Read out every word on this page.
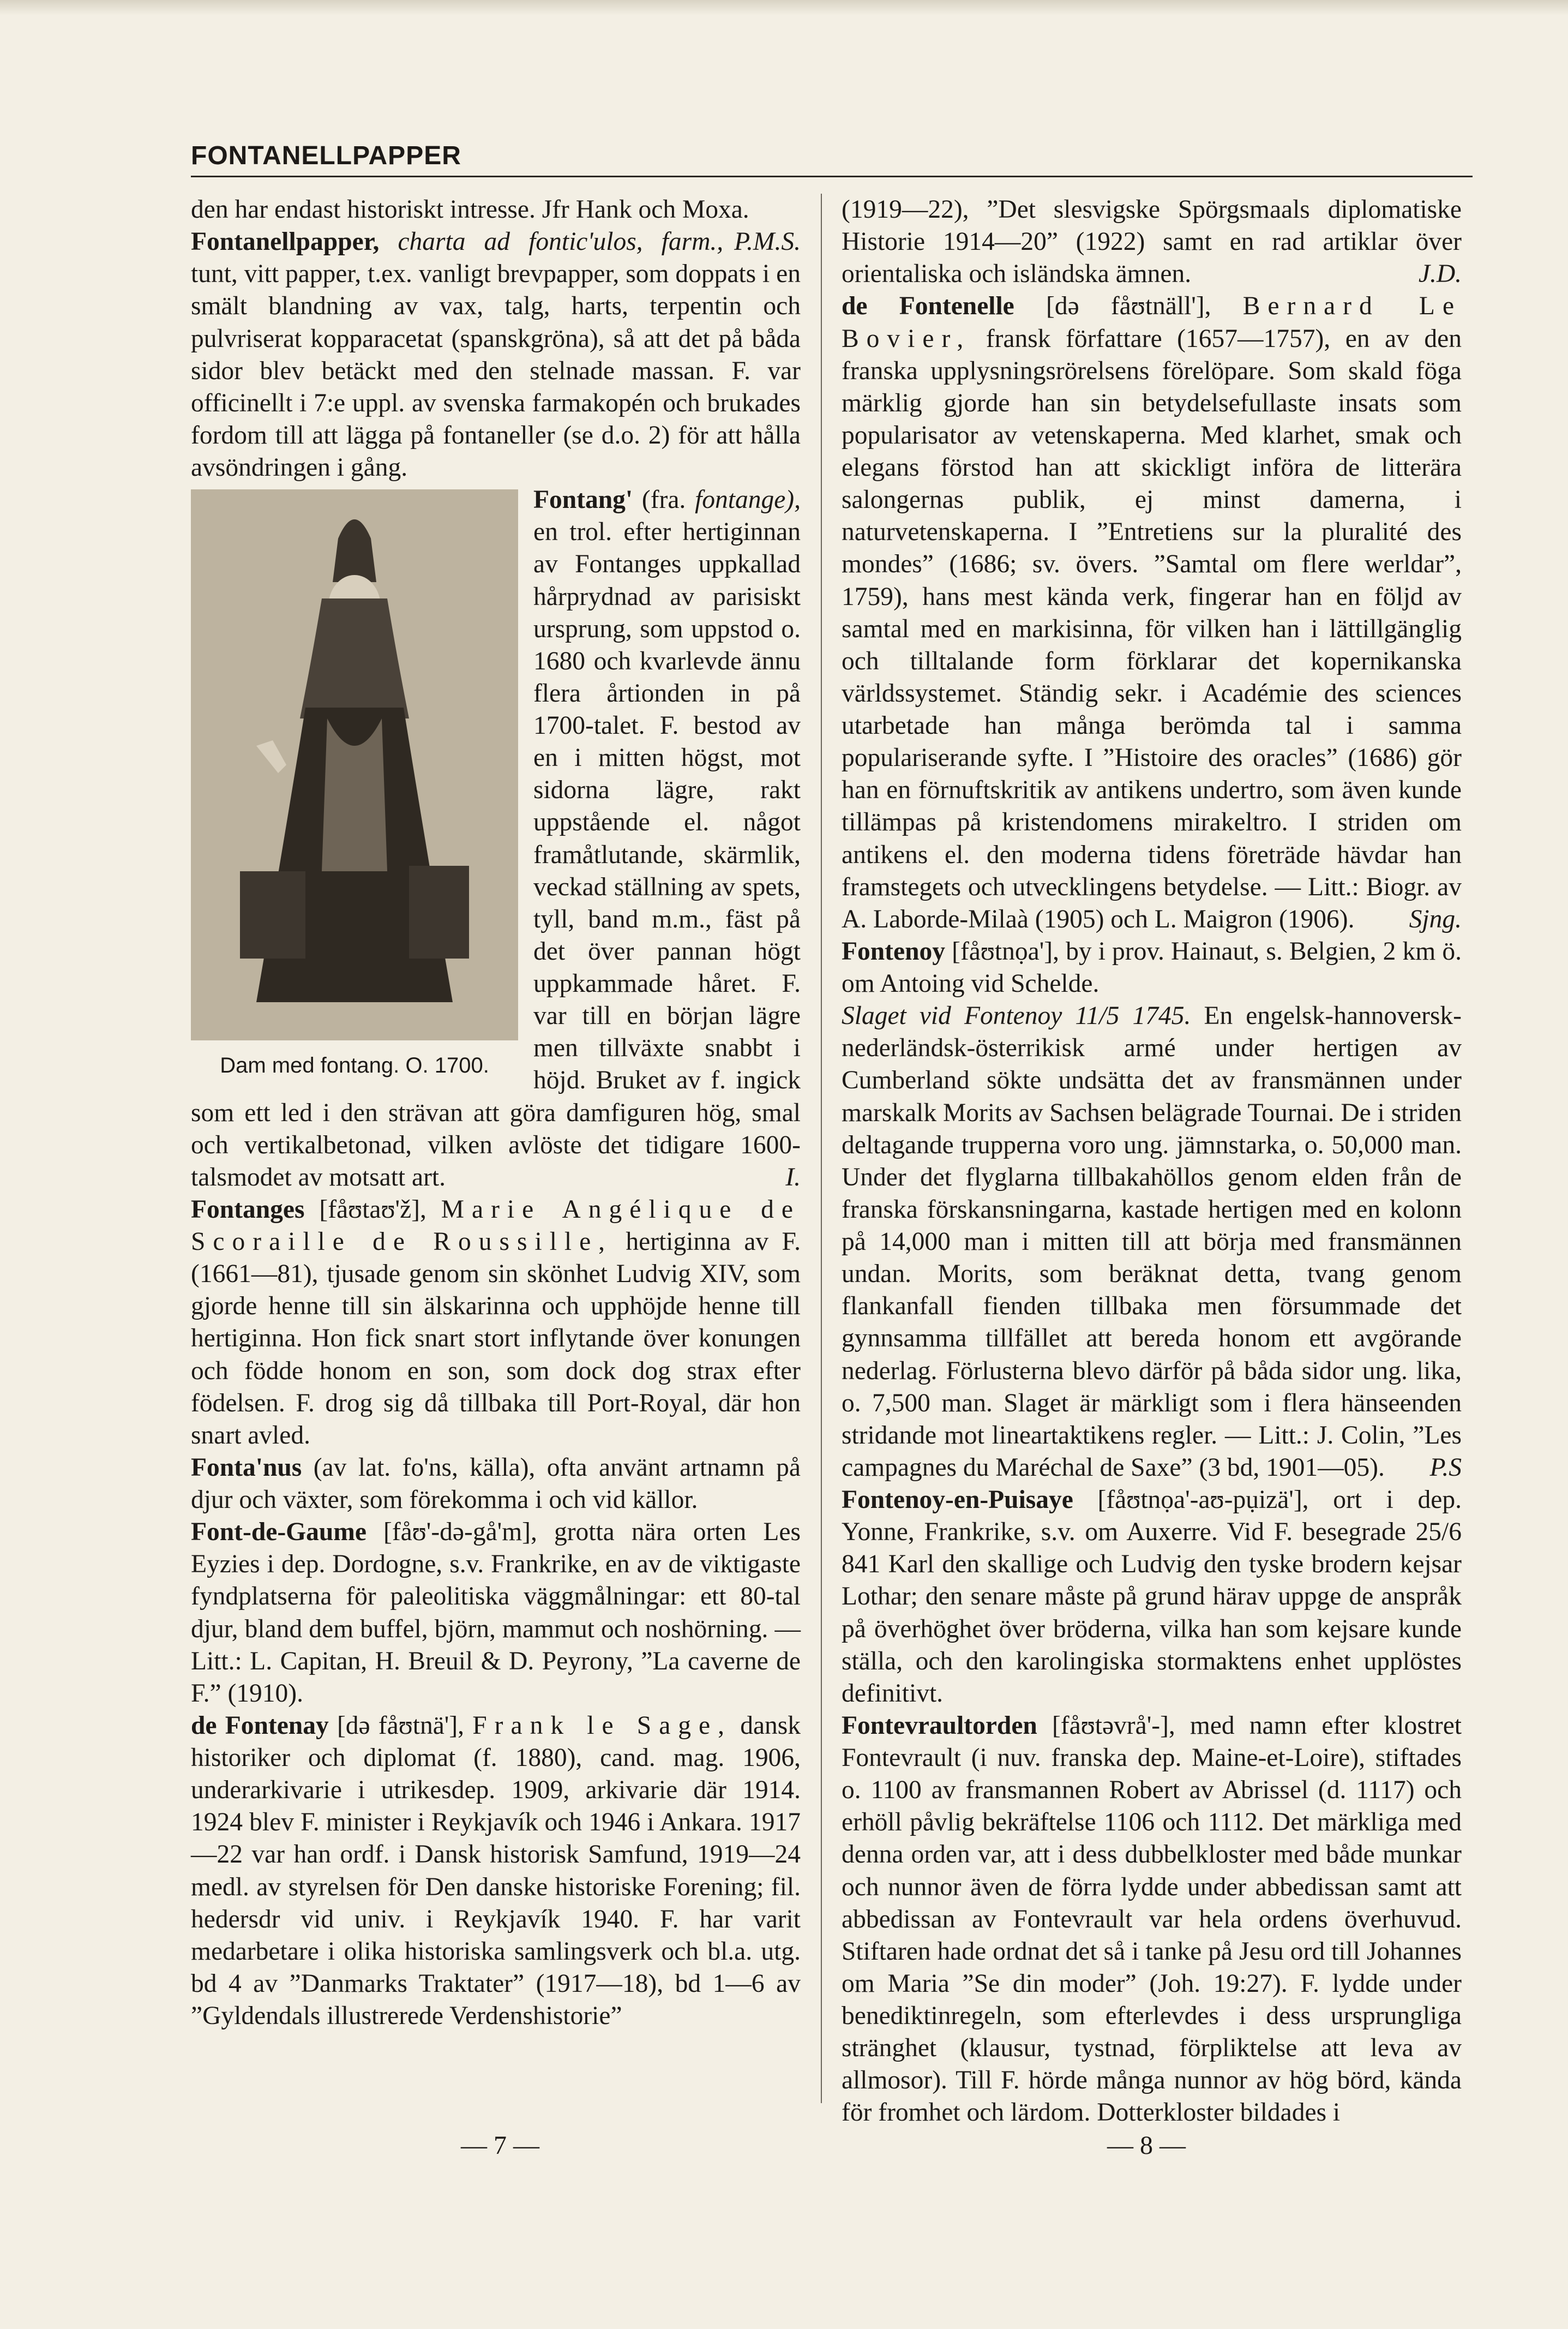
FONTANELLPAPPER

den har endast historiskt intresse. Jfr Hank och Moxa.
P.M.S.

Fontanellpapper, charta ad fontic'ulos, farm., tunt, vitt papper, t.ex. vanligt brevpapper, som doppats i en smält blandning av vax, talg, harts, terpentin och pulvriserat kopparacetat (spanskgröna), så att det på båda sidor blev betäckt med den stelnade massan. F. var officinellt i 7:e uppl. av svenska farmakopén och brukades fordom till att lägga på fontaneller (se d.o. 2) för att hålla avsöndringen i gång.

Fontang' (fra. fontange),
Dam med fontang. O. 1700.
en trol. efter hertiginnan av Fontanges uppkallad hårprydnad av parisiskt ursprung, som uppstod o. 1680 och kvarlevde ännu flera årtionden in på 1700-talet. F. bestod av en i mitten högst, mot sidorna lägre, rakt uppstående el. något framåtlutande, skärmlik, veckad ställning av spets, tyll, band m.m., fäst på det över pannan högt uppkammade håret. F. var till en början lägre men tillväxte snabbt i höjd. Bruket av f. ingick som ett led i den strävan att göra damfiguren hög, smal och vertikalbetonad, vilken avlöste det tidigare 1600-talsmodet av motsatt art.	I.

Fontanges [fåʊtaʊ'ž], Marie Angélique de Scoraille de Roussille, hertiginna av F. (1661—81), tjusade genom sin skönhet Ludvig XIV, som gjorde henne till sin älskarinna och upphöjde henne till hertiginna. Hon fick snart stort inflytande över konungen och födde honom en son, som dock dog strax efter födelsen. F. drog sig då tillbaka till Port-Royal, där hon snart avled.

Fonta'nus (av lat. fo'ns, källa), ofta använt artnamn på djur och växter, som förekomma i och vid källor.

Font-de-Gaume [fåʊ'-də-gå'm], grotta nära orten Les Eyzies i dep. Dordogne, s.v. Frankrike, en av de viktigaste fyndplatserna för paleolitiska väggmålningar: ett 80-tal djur, bland dem buffel, björn, mammut och noshörning. — Litt.: L. Capitan, H. Breuil & D. Peyrony, ”La caverne de F.” (1910).

de Fontenay [də fåʊtnä'], Frank le Sage, dansk historiker och diplomat (f. 1880), cand. mag. 1906, underarkivarie i utrikesdep. 1909, arkivarie där 1914. 1924 blev F. minister i Reykjavík och 1946 i Ankara. 1917—22 var han ordf. i Dansk historisk Samfund, 1919—24 medl. av styrelsen för Den danske historiske Forening; fil. hedersdr vid univ. i Reykjavík 1940. F. har varit medarbetare i olika historiska samlingsverk och bl.a. utg. bd 4 av ”Danmarks Traktater” (1917—18), bd 1—6 av ”Gyldendals illustrerede Verdenshistorie”

(1919—22), ”Det slesvigske Spörgsmaals diplomatiske Historie 1914—20” (1922) samt en rad artiklar över orientaliska och isländska ämnen.	J.D.

de Fontenelle [də fåʊtnäll'], Bernard Le Bovier, fransk författare (1657—1757), en av den franska upplysningsrörelsens förelöpare. Som skald föga märklig gjorde han sin betydelsefullaste insats som popularisator av vetenskaperna. Med klarhet, smak och elegans förstod han att skickligt införa de litterära salongernas publik, ej minst damerna, i naturvetenskaperna. I ”Entretiens sur la pluralité des mondes” (1686; sv. övers. ”Samtal om flere werldar”, 1759), hans mest kända verk, fingerar han en följd av samtal med en markisinna, för vilken han i lättillgänglig och tilltalande form förklarar det kopernikanska världssystemet. Ständig sekr. i Académie des sciences utarbetade han många berömda tal i samma populariserande syfte. I ”Histoire des oracles” (1686) gör han en förnuftskritik av antikens undertro, som även kunde tillämpas på kristendomens mirakeltro. I striden om antikens el. den moderna tidens företräde hävdar han framstegets och utvecklingens betydelse. — Litt.: Biogr. av A. Laborde-Milaà (1905) och L. Maigron (1906). Sjng.

Fontenoy [fåʊtnọa'], by i prov. Hainaut, s. Belgien, 2 km ö. om Antoing vid Schelde.

Slaget vid Fontenoy 11/5 1745. En engelsk-hannoversk-nederländsk-österrikisk armé under hertigen av Cumberland sökte undsätta det av fransmännen under marskalk Morits av Sachsen belägrade Tournai. De i striden deltagande trupperna voro ung. jämnstarka, o. 50,000 man. Under det flyglarna tillbakahöllos genom elden från de franska förskansningarna, kastade hertigen med en kolonn på 14,000 man i mitten till att börja med fransmännen undan. Morits, som beräknat detta, tvang genom flankanfall fienden tillbaka men försummade det gynnsamma tillfället att bereda honom ett avgörande nederlag. Förlusterna blevo därför på båda sidor ung. lika, o. 7,500 man. Slaget är märkligt som i flera hänseenden stridande mot lineartaktikens regler. — Litt.: J. Colin, ”Les campagnes du Maréchal de Saxe” (3 bd, 1901—05). P.S

Fontenoy-en-Puisaye [fåʊtnọa'-aʊ-pụizä'], ort i dep. Yonne, Frankrike, s.v. om Auxerre. Vid F. besegrade 25/6 841 Karl den skallige och Ludvig den tyske brodern kejsar Lothar; den senare måste på grund härav uppge de anspråk på överhöghet över bröderna, vilka han som kejsare kunde ställa, och den karolingiska stormaktens enhet upplöstes definitivt.

Fontevraultorden [fåʊtəvrå'-], med namn efter klostret Fontevrault (i nuv. franska dep. Maine-et-Loire), stiftades o. 1100 av fransmannen Robert av Abrissel (d. 1117) och erhöll påvlig bekräftelse 1106 och 1112. Det märkliga med denna orden var, att i dess dubbelkloster med både munkar och nunnor även de förra lydde under abbedissan samt att abbedissan av Fontevrault var hela ordens överhuvud. Stiftaren hade ordnat det så i tanke på Jesu ord till Johannes om Maria ”Se din moder” (Joh. 19:27). F. lydde under benediktinregeln, som efterlevdes i dess ursprungliga stränghet (klausur, tystnad, förpliktelse att leva av allmosor). Till F. hörde många nunnor av hög börd, kända för fromhet och lärdom. Dotterkloster bildades i

— 7 —	— 8 —
